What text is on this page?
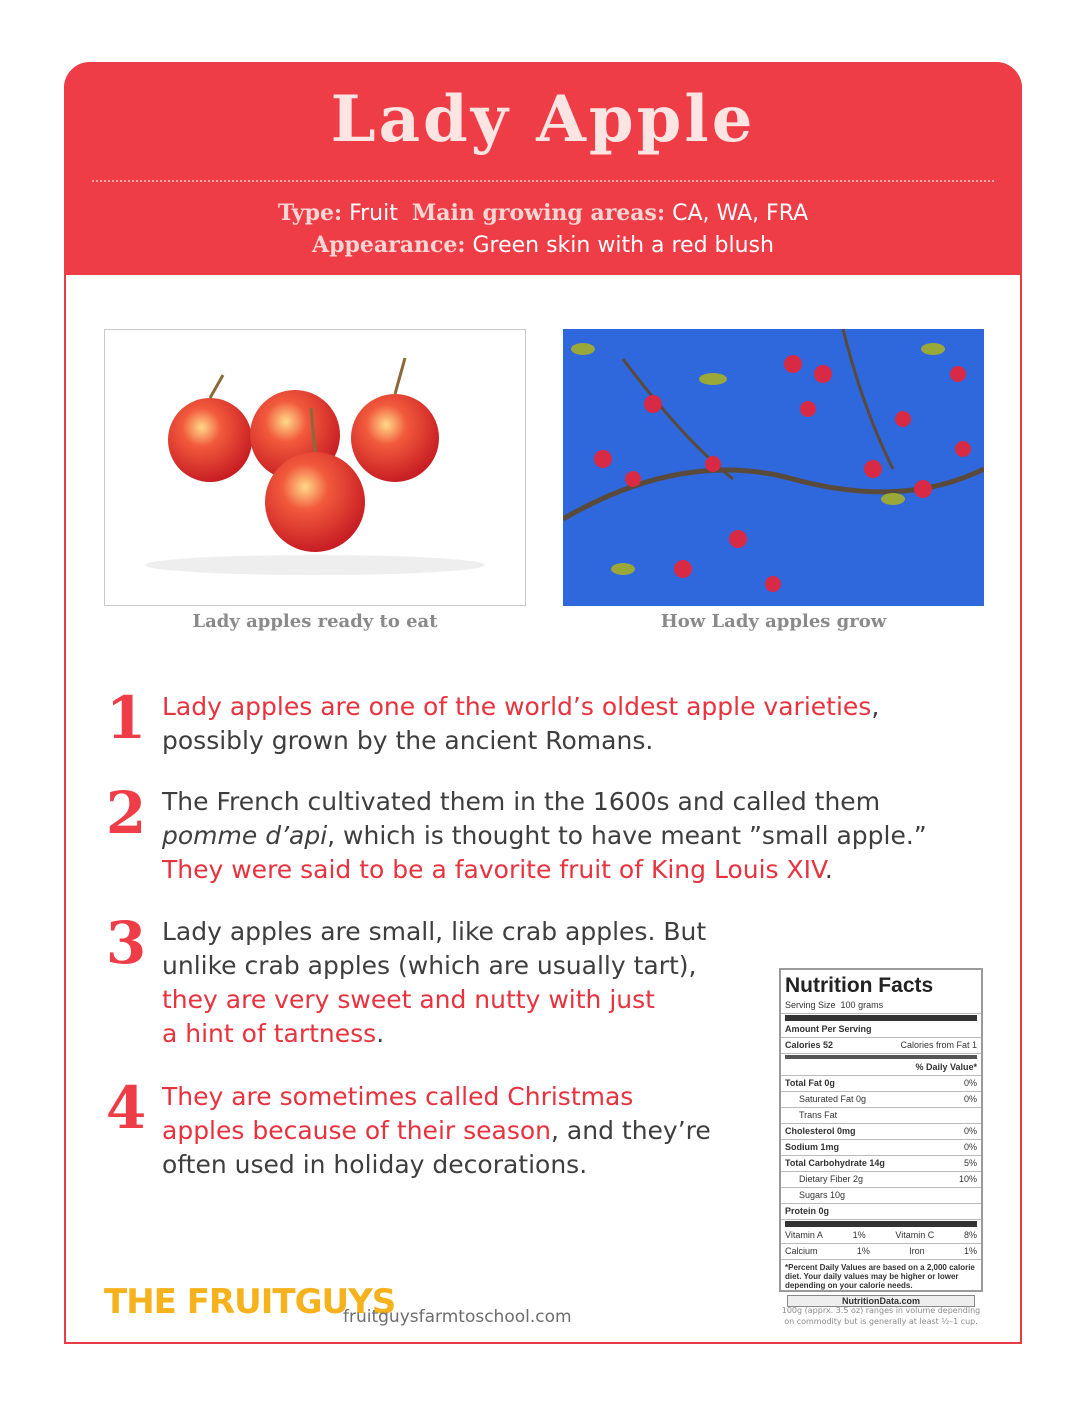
Lady Apple
Type: Fruit Main growing areas: CA, WA, FRA
Appearance: Green skin with a red blush
Lady apples ready to eat	How Lady apples grow
1 Lady apples are one of the world’s oldest apple varieties,
possibly grown by the ancient Romans.
2 The French cultivated them in the 1600s and called them
pomme d’api, which is thought to have meant ”small apple.”
They were said to be a favorite fruit of King Louis XIV.
3 Lady apples are small, like crab apples. But
unlike crab apples (which are usually tart),
they are very sweet and nutty with just
a hint of tartness.
4 They are sometimes called Christmas
apples because of their season, and they’re
often used in holiday decorations.
Nutrition Facts
Serving Size 100 grams
Amount Per Serving
Calories 52	Calories from Fat 1
% Daily Value*
Total Fat 0g	0%
Saturated Fat 0g	0%
Trans Fat
Cholesterol 0mg	0%
Sodium 1mg	0%
Total Carbohydrate 14g	5%
Dietary Fiber 2g	10%
Sugars 10g
Protein 0g
Vitamin A	1%	Vitamin C	8%
Calcium	1%	Iron	1%
*Percent Daily Values are based on a 2,000 calorie diet. Your daily values may be higher or lower depending on your calorie needs.
NutritionData.com
100g (apprx. 3.5 oz) ranges in volume depending on commodity but is generally at least ½–1 cup.
THE FRUITGUYS
fruitguysfarmtoschool.com
